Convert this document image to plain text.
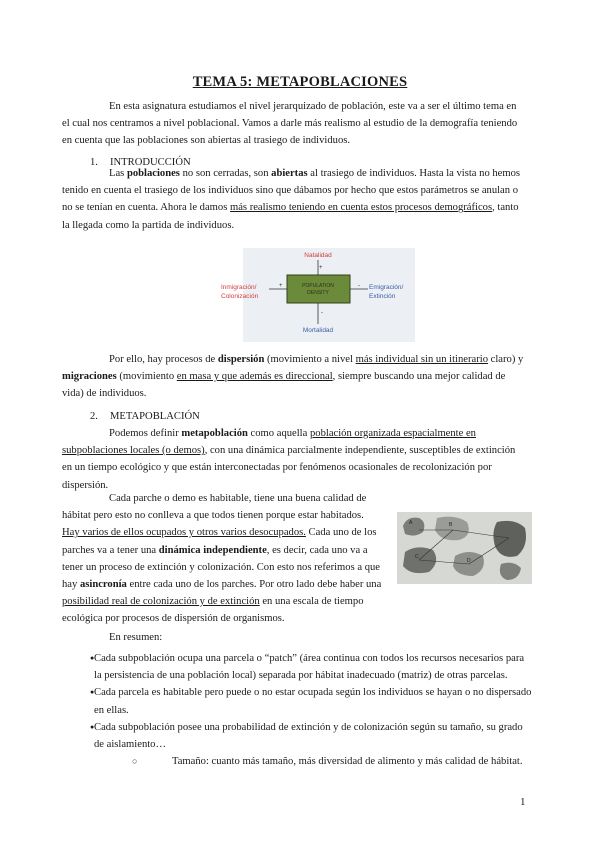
TEMA 5: METAPOBLACIONES
En esta asignatura estudiamos el nivel jerarquizado de población, este va a ser el último tema en el cual nos centramos a nivel poblacional. Vamos a darle más realismo al estudio de la demografía teniendo en cuenta que las poblaciones son abiertas al trasiego de individuos.
1. INTRODUCCIÓN
Las poblaciones no son cerradas, son abiertas al trasiego de individuos. Hasta la vista no hemos tenido en cuenta el trasiego de los individuos sino que dábamos por hecho que estos parámetros se anulan o no se tenían en cuenta. Ahora le damos más realismo teniendo en cuenta estos procesos demográficos, tanto la llegada como la partida de individuos.
POPULATION
DENSITY
Natalidad
+
+	-
-
Inmigración/
Colonización
Emigración/
Extinción
Mortalidad
Por ello, hay procesos de dispersión (movimiento a nivel más individual sin un itinerario claro) y migraciones (movimiento en masa y que además es direccional, siempre buscando una mejor calidad de vida) de individuos.
2. METAPOBLACIÓN
Podemos definir metapoblación como aquella población organizada espacialmente en subpoblaciones locales (o demos), con una dinámica parcialmente independiente, susceptibles de extinción en un tiempo ecológico y que están interconectadas por fenómenos ocasionales de recolonización por dispersión.
Cada parche o demo es habitable, tiene una buena calidad de hábitat pero esto no conlleva a que todos tienen porque estar habitados. Hay varios de ellos ocupados y otros varios desocupados. Cada uno de los parches va a tener una dinámica independiente, es decir, cada uno va a tener un proceso de extinción y colonización. Con esto nos referimos a que hay asincronía entre cada uno de los parches. Por otro lado debe haber una posibilidad real de colonización y de extinción en una escala de tiempo ecológica por procesos de dispersión de organismos.
A	B
C
D
En resumen:
Cada subpoblación ocupa una parcela o “patch” (área continua con todos los recursos necesarios para la persistencia de una población local) separada por hábitat inadecuado (matriz) de otras parcelas.
Cada parcela es habitable pero puede o no estar ocupada según los individuos se hayan o no dispersado en ellas.
Cada subpoblación posee una probabilidad de extinción y de colonización según su tamaño, su grado de aislamiento…
○	Tamaño: cuanto más tamaño, más diversidad de alimento y más calidad de hábitat.
1
